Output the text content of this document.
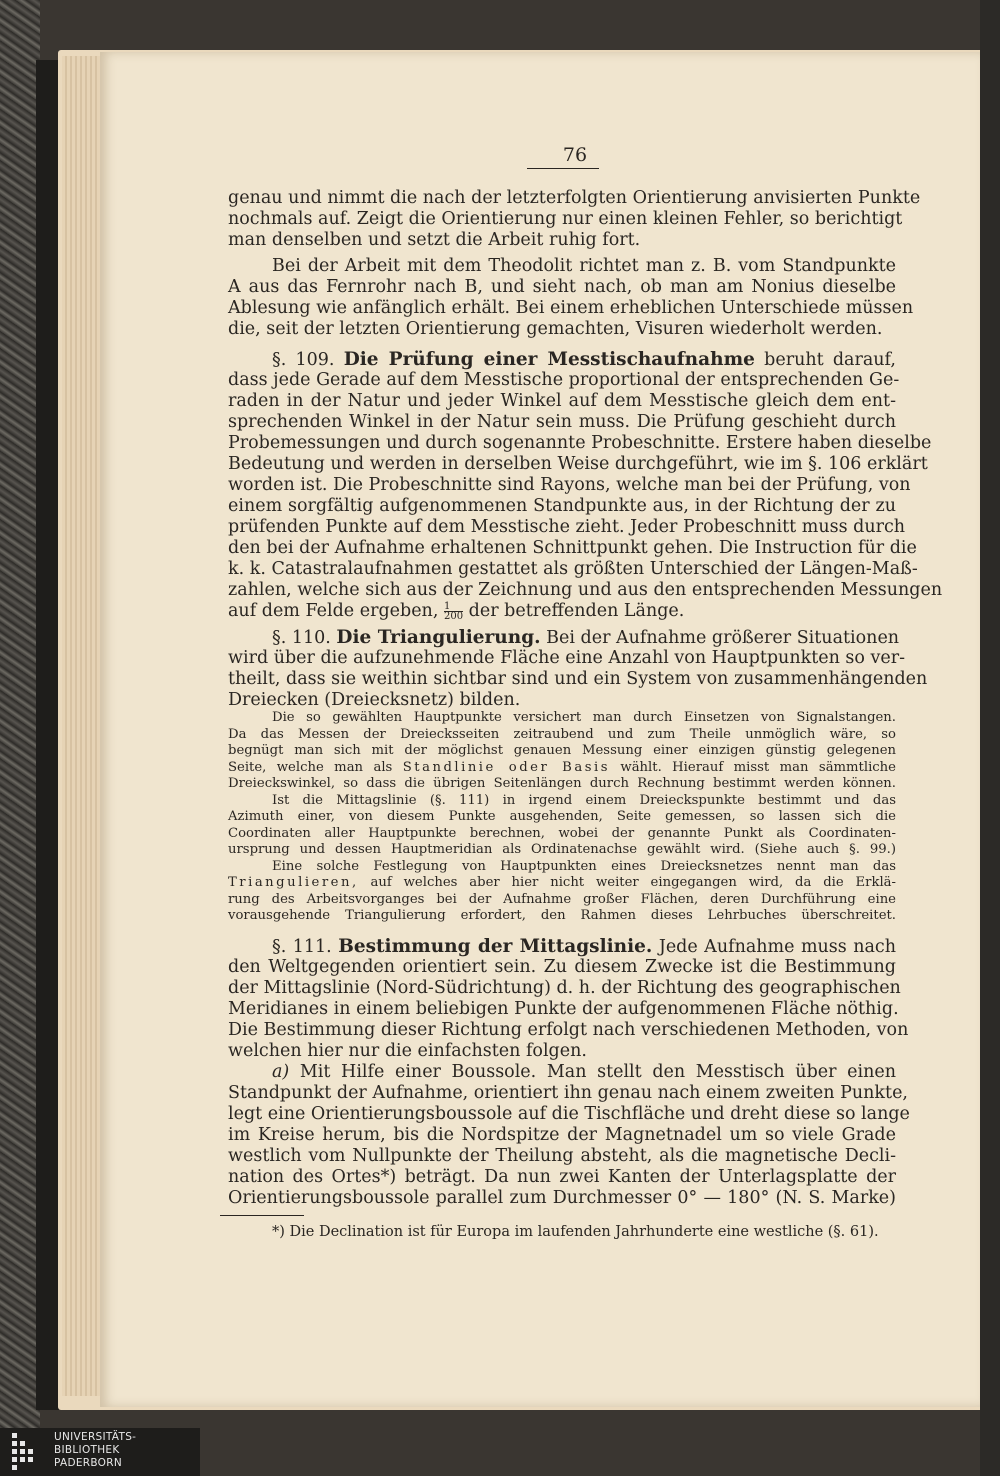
76
genau und nimmt die nach der letzterfolgten Orientierung anvisierten Punkte
nochmals auf. Zeigt die Orientierung nur einen kleinen Fehler, so berichtigt
man denselben und setzt die Arbeit ruhig fort.
Bei der Arbeit mit dem Theodolit richtet man z. B. vom Standpunkte
A aus das Fernrohr nach B, und sieht nach, ob man am Nonius dieselbe
Ablesung wie anfänglich erhält. Bei einem erheblichen Unterschiede müssen
die, seit der letzten Orientierung gemachten, Visuren wiederholt werden.
§. 109. Die Prüfung einer Messtischaufnahme beruht darauf,
dass jede Gerade auf dem Messtische proportional der entsprechenden Ge-
raden in der Natur und jeder Winkel auf dem Messtische gleich dem ent-
sprechenden Winkel in der Natur sein muss. Die Prüfung geschieht durch
Probemessungen und durch sogenannte Probeschnitte. Erstere haben dieselbe
Bedeutung und werden in derselben Weise durchgeführt, wie im §. 106 erklärt
worden ist. Die Probeschnitte sind Rayons, welche man bei der Prüfung, von
einem sorgfältig aufgenommenen Standpunkte aus, in der Richtung der zu
prüfenden Punkte auf dem Messtische zieht. Jeder Probeschnitt muss durch
den bei der Aufnahme erhaltenen Schnittpunkt gehen. Die Instruction für die
k. k. Catastralaufnahmen gestattet als größten Unterschied der Längen-Maß-
zahlen, welche sich aus der Zeichnung und aus den entsprechenden Messungen
auf dem Felde ergeben, $\frac{1}{200}$ der betreffenden Länge.
§. 110. Die Triangulierung. Bei der Aufnahme größerer Situationen
wird über die aufzunehmende Fläche eine Anzahl von Hauptpunkten so ver-
theilt, dass sie weithin sichtbar sind und ein System von zusammenhängenden
Dreiecken (Dreiecksnetz) bilden.
Die so gewählten Hauptpunkte versichert man durch Einsetzen von Signalstangen.
Da das Messen der Dreiecksseiten zeitraubend und zum Theile unmöglich wäre, so
begnügt man sich mit der möglichst genauen Messung einer einzigen günstig gelegenen
Seite, welche man als Standlinie oder Basis wählt. Hierauf misst man sämmtliche
Dreieckswinkel, so dass die übrigen Seitenlängen durch Rechnung bestimmt werden können.
Ist die Mittagslinie (§. 111) in irgend einem Dreieckspunkte bestimmt und das
Azimuth einer, von diesem Punkte ausgehenden, Seite gemessen, so lassen sich die
Coordinaten aller Hauptpunkte berechnen, wobei der genannte Punkt als Coordinaten-
ursprung und dessen Hauptmeridian als Ordinatenachse gewählt wird. (Siehe auch §. 99.)
Eine solche Festlegung von Hauptpunkten eines Dreiecksnetzes nennt man das
Triangulieren, auf welches aber hier nicht weiter eingegangen wird, da die Erklä-
rung des Arbeitsvorganges bei der Aufnahme großer Flächen, deren Durchführung eine
vorausgehende Triangulierung erfordert, den Rahmen dieses Lehrbuches überschreitet.
§. 111. Bestimmung der Mittagslinie. Jede Aufnahme muss nach
den Weltgegenden orientiert sein. Zu diesem Zwecke ist die Bestimmung
der Mittagslinie (Nord-Südrichtung) d. h. der Richtung des geographischen
Meridianes in einem beliebigen Punkte der aufgenommenen Fläche nöthig.
Die Bestimmung dieser Richtung erfolgt nach verschiedenen Methoden, von
welchen hier nur die einfachsten folgen.
a) Mit Hilfe einer Boussole. Man stellt den Messtisch über einen
Standpunkt der Aufnahme, orientiert ihn genau nach einem zweiten Punkte,
legt eine Orientierungsboussole auf die Tischfläche und dreht diese so lange
im Kreise herum, bis die Nordspitze der Magnetnadel um so viele Grade
westlich vom Nullpunkte der Theilung absteht, als die magnetische Decli-
nation des Ortes*) beträgt. Da nun zwei Kanten der Unterlagsplatte der
Orientierungsboussole parallel zum Durchmesser 0° — 180° (N. S. Marke)
*) Die Declination ist für Europa im laufenden Jahrhunderte eine westliche (§. 61).
UNIVERSITÄTS-
BIBLIOTHEK
PADERBORN
